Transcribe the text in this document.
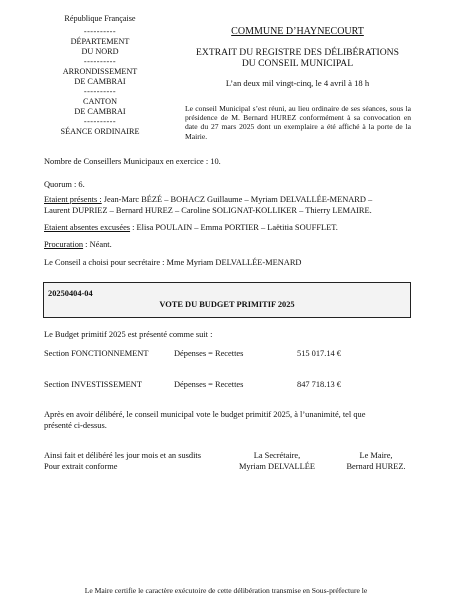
République Française
----------
DÉPARTEMENT
DU NORD
----------
ARRONDISSEMENT
DE CAMBRAI
----------
CANTON
DE CAMBRAI
----------
SÉANCE ORDINAIRE
COMMUNE D’HAYNECOURT
EXTRAIT DU REGISTRE DES DÉLIBÉRATIONS
DU CONSEIL MUNICIPAL
L’an deux mil vingt-cinq, le 4 avril à 18 h
Le conseil Municipal s’est réuni, au lieu ordinaire de ses séances, sous la présidence de M. Bernard HUREZ conformément à sa convocation en date du 27 mars 2025 dont un exemplaire a été affiché à la porte de la Mairie.
Nombre de Conseillers Municipaux en exercice : 10.
Quorum : 6.
Etaient présents : Jean-Marc BÉZÉ – BOHACZ Guillaume – Myriam DELVALLÉE-MENARD –
Laurent DUPRIEZ – Bernard HUREZ – Caroline SOLIGNAT-KOLLIKER – Thierry LEMAIRE.
Etaient absentes excusées : Elisa POULAIN – Emma PORTIER – Laëtitia SOUFFLET.
Procuration : Néant.
Le Conseil a choisi pour secrétaire : Mme Myriam DELVALLÉE-MENARD
20250404-04
VOTE DU BUDGET PRIMITIF 2025
Le Budget primitif 2025 est présenté comme suit :
Section FONCTIONNEMENT	Dépenses = Recettes	515 017.14 €
Section INVESTISSEMENT	Dépenses = Recettes	847 718.13 €
Après en avoir délibéré, le conseil municipal vote le budget primitif 2025, à l’unanimité, tel que
présenté ci-dessus.
Ainsi fait et délibéré les jour mois et an susdits
Pour extrait conforme
La Secrétaire,
Myriam DELVALLÉE
Le Maire,
Bernard HUREZ.
Le Maire certifie le caractère exécutoire de cette délibération transmise en Sous-préfecture le
